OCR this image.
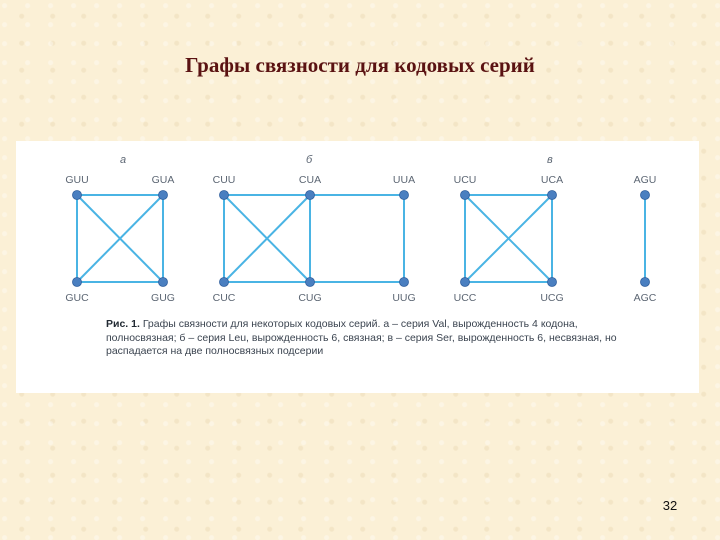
Графы связности для кодовых серий
а
GUU	GUA
GUC	GUG
б
CUU	CUA	UUA
CUC	CUG	UUG
в
UCU	UCA
UCC	UCG
AGU
AGC
Рис. 1. Графы связности для некоторых кодовых серий. а – серия Val, вырожденность 4 кодона, полносвязная; б – серия Leu, вырожденность 6, связная; в – серия Ser, вырожденность 6, несвязная, но распадается на две полносвязных подсерии
32
